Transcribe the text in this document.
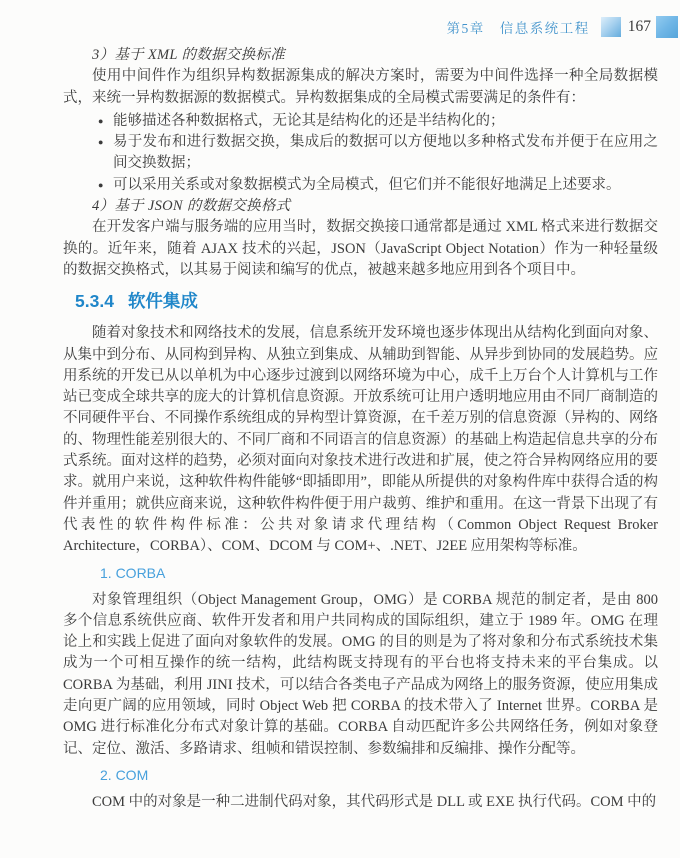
第5章　信息系统工程 167

3）基于 XML 的数据交换标准

使用中间件作为组织异构数据源集成的解决方案时，需要为中间件选择一种全局数据模式，来统一异构数据源的数据模式。异构数据集成的全局模式需要满足的条件有：

● 能够描述各种数据格式，无论其是结构化的还是半结构化的；
● 易于发布和进行数据交换，集成后的数据可以方便地以多种格式发布并便于在应用之间交换数据；
● 可以采用关系或对象数据模式为全局模式，但它们并不能很好地满足上述要求。

4）基于 JSON 的数据交换格式

在开发客户端与服务端的应用当时，数据交换接口通常都是通过 XML 格式来进行数据交换的。近年来，随着 AJAX 技术的兴起，JSON（JavaScript Object Notation）作为一种轻量级的数据交换格式，以其易于阅读和编写的优点，被越来越多地应用到各个项目中。

5.3.4 软件集成

随着对象技术和网络技术的发展，信息系统开发环境也逐步体现出从结构化到面向对象、从集中到分布、从同构到异构、从独立到集成、从辅助到智能、从异步到协同的发展趋势。应用系统的开发已从以单机为中心逐步过渡到以网络环境为中心，成千上万台个人计算机与工作站已变成全球共享的庞大的计算机信息资源。开放系统可让用户透明地应用由不同厂商制造的不同硬件平台、不同操作系统组成的异构型计算资源，在千差万别的信息资源（异构的、网络的、物理性能差别很大的、不同厂商和不同语言的信息资源）的基础上构造起信息共享的分布式系统。面对这样的趋势，必须对面向对象技术进行改进和扩展，使之符合异构网络应用的要求。就用户来说，这种软件构件能够“即插即用”，即能从所提供的对象构件库中获得合适的构件并重用；就供应商来说，这种软件构件便于用户裁剪、维护和重用。在这一背景下出现了有代表性的软件构件标准：公共对象请求代理结构（Common Object Request Broker Architecture，CORBA）、COM、DCOM 与 COM+、.NET、J2EE 应用架构等标准。

1. CORBA

对象管理组织（Object Management Group，OMG）是 CORBA 规范的制定者，是由 800 多个信息系统供应商、软件开发者和用户共同构成的国际组织，建立于 1989 年。OMG 在理论上和实践上促进了面向对象软件的发展。OMG 的目的则是为了将对象和分布式系统技术集成为一个可相互操作的统一结构，此结构既支持现有的平台也将支持未来的平台集成。以 CORBA 为基础，利用 JINI 技术，可以结合各类电子产品成为网络上的服务资源，使应用集成走向更广阔的应用领域，同时 Object Web 把 CORBA 的技术带入了 Internet 世界。CORBA 是 OMG 进行标准化分布式对象计算的基础。CORBA 自动匹配许多公共网络任务，例如对象登记、定位、激活、多路请求、组帧和错误控制、参数编排和反编排、操作分配等。

2. COM

COM 中的对象是一种二进制代码对象，其代码形式是 DLL 或 EXE 执行代码。COM 中的
